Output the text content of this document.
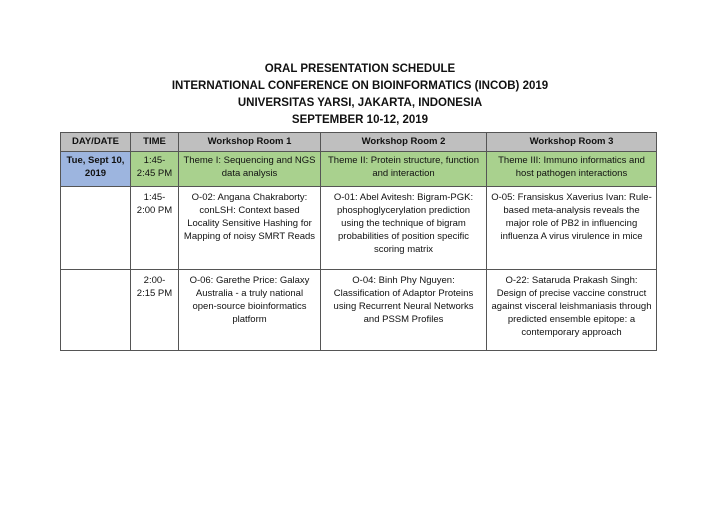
ORAL PRESENTATION SCHEDULE
INTERNATIONAL CONFERENCE ON BIOINFORMATICS (INCOB) 2019
UNIVERSITAS YARSI, JAKARTA, INDONESIA
SEPTEMBER 10-12, 2019
DAY/DATE	TIME	Workshop Room 1	Workshop Room 2	Workshop Room 3
Tue, Sept 10, 2019	1:45-2:45 PM	Theme I: Sequencing and NGS data analysis	Theme II: Protein structure, function and interaction	Theme III: Immuno informatics and host pathogen interactions
	1:45-2:00 PM	O-02: Angana Chakraborty: conLSH: Context based Locality Sensitive Hashing for Mapping of noisy SMRT Reads	O-01: Abel Avitesh: Bigram-PGK: phosphoglycerylation prediction using the technique of bigram probabilities of position specific scoring matrix	O-05: Fransiskus Xaverius Ivan: Rule-based meta-analysis reveals the major role of PB2 in influencing influenza A virus virulence in mice
	2:00-2:15 PM	O-06: Garethe Price: Galaxy Australia - a truly national open-source bioinformatics platform	O-04: Binh Phy Nguyen: Classification of Adaptor Proteins using Recurrent Neural Networks and PSSM Profiles	O-22: Sataruda Prakash Singh: Design of precise vaccine construct against visceral leishmaniasis through predicted ensemble epitope: a contemporary approach
